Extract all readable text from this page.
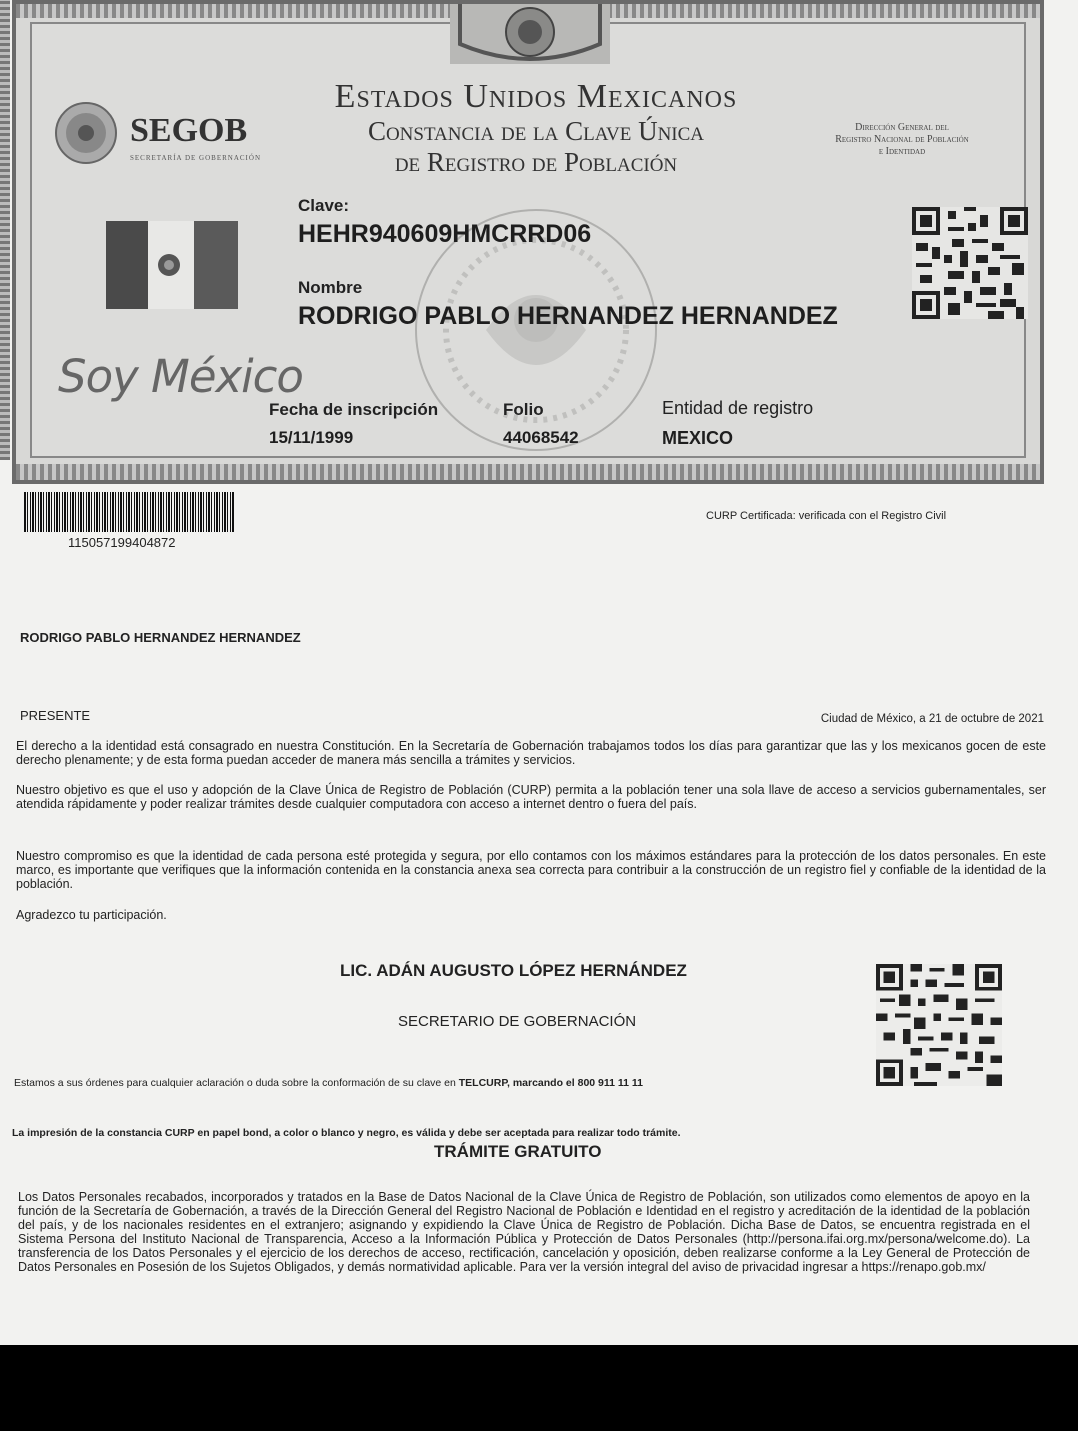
SEGOB
SECRETARÍA DE GOBERNACIÓN
Estados Unidos Mexicanos
Constancia de la Clave Única
de Registro de Población
Dirección General del
Registro Nacional de Población
e Identidad
Soy México
Clave:
HEHR940609HMCRRD06
Nombre
RODRIGO PABLO HERNANDEZ HERNANDEZ
Fecha de inscripción
15/11/1999
Folio
44068542
Entidad de registro
MEXICO
115057199404872
CURP Certificada: verificada con el Registro Civil
RODRIGO PABLO HERNANDEZ HERNANDEZ
PRESENTE	Ciudad de México, a 21 de octubre de 2021
El derecho a la identidad está consagrado en nuestra Constitución. En la Secretaría de Gobernación trabajamos todos los días para garantizar que las y los mexicanos gocen de este derecho plenamente; y de esta forma puedan acceder de manera más sencilla a trámites y servicios.
Nuestro objetivo es que el uso y adopción de la Clave Única de Registro de Población (CURP) permita a la población tener una sola llave de acceso a servicios gubernamentales, ser atendida rápidamente y poder realizar trámites desde cualquier computadora con acceso a internet dentro o fuera del país.
Nuestro compromiso es que la identidad de cada persona esté protegida y segura, por ello contamos con los máximos estándares para la protección de los datos personales. En este marco, es importante que verifiques que la información contenida en la constancia anexa sea correcta para contribuir a la construcción de un registro fiel y confiable de la identidad de la población.
Agradezco tu participación.
LIC. ADÁN AUGUSTO LÓPEZ HERNÁNDEZ
SECRETARIO DE GOBERNACIÓN
Estamos a sus órdenes para cualquier aclaración o duda sobre la conformación de su clave en TELCURP, marcando el 800 911 11 11
La impresión de la constancia CURP en papel bond, a color o blanco y negro, es válida y debe ser aceptada para realizar todo trámite.
TRÁMITE GRATUITO
Los Datos Personales recabados, incorporados y tratados en la Base de Datos Nacional de la Clave Única de Registro de Población, son utilizados como elementos de apoyo en la función de la Secretaría de Gobernación, a través de la Dirección General del Registro Nacional de Población e Identidad en el registro y acreditación de la identidad de la población del país, y de los nacionales residentes en el extranjero; asignando y expidiendo la Clave Única de Registro de Población. Dicha Base de Datos, se encuentra registrada en el Sistema Persona del Instituto Nacional de Transparencia, Acceso a la Información Pública y Protección de Datos Personales (http://persona.ifai.org.mx/persona/welcome.do). La transferencia de los Datos Personales y el ejercicio de los derechos de acceso, rectificación, cancelación y oposición, deben realizarse conforme a la Ley General de Protección de Datos Personales en Posesión de los Sujetos Obligados, y demás normatividad aplicable. Para ver la versión integral del aviso de privacidad ingresar a https://renapo.gob.mx/
